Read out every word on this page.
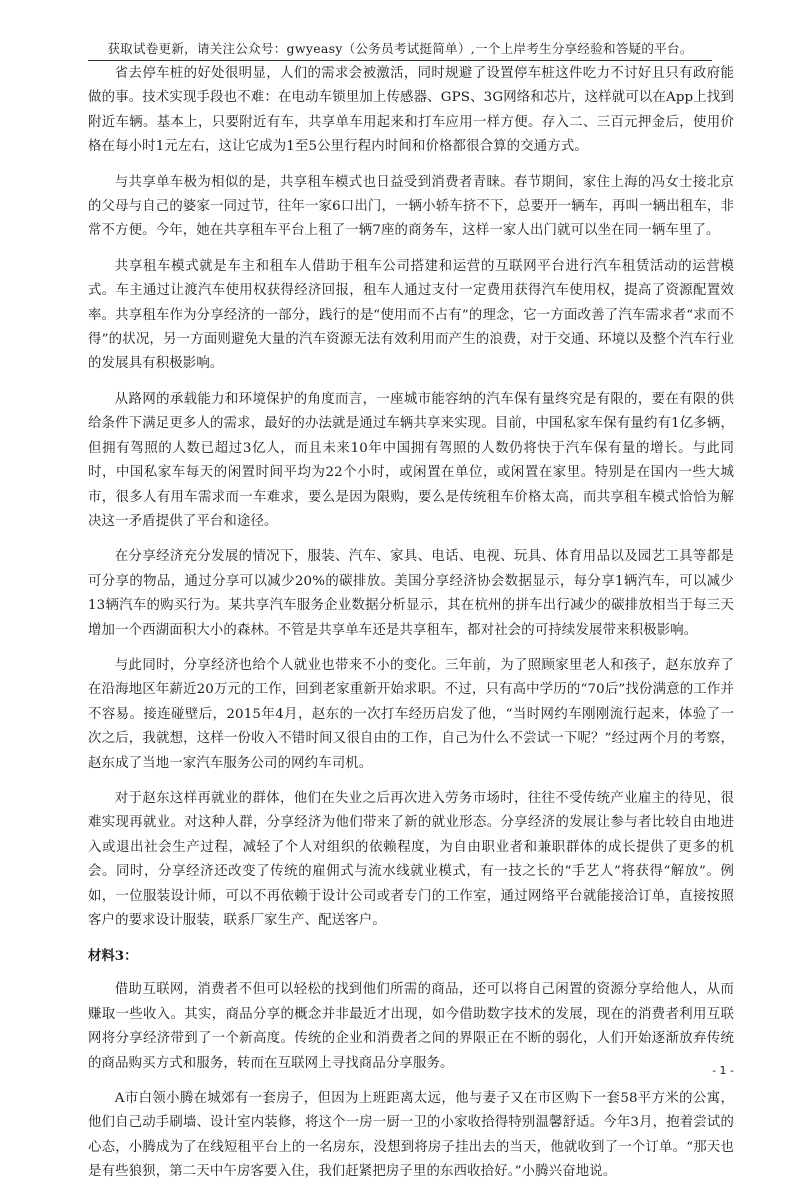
获取试卷更新，请关注公众号：gwyeasy（公务员考试挺简单）,一个上岸考生分享经验和答疑的平台。

省去停车桩的好处很明显，人们的需求会被激活，同时规避了设置停车桩这件吃力不讨好且只有政府能做的事。技术实现手段也不难：在电动车锁里加上传感器、GPS、3G网络和芯片，这样就可以在App上找到附近车辆。基本上，只要附近有车，共享单车用起来和打车应用一样方便。存入二、三百元押金后，使用价格在每小时1元左右，这让它成为1至5公里行程内时间和价格都很合算的交通方式。

与共享单车极为相似的是，共享租车模式也日益受到消费者青睐。春节期间，家住上海的冯女士接北京的父母与自己的婆家一同过节，往年一家6口出门，一辆小轿车挤不下，总要开一辆车，再叫一辆出租车，非常不方便。今年，她在共享租车平台上租了一辆7座的商务车，这样一家人出门就可以坐在同一辆车里了。

共享租车模式就是车主和租车人借助于租车公司搭建和运营的互联网平台进行汽车租赁活动的运营模式。车主通过让渡汽车使用权获得经济回报，租车人通过支付一定费用获得汽车使用权，提高了资源配置效率。共享租车作为分享经济的一部分，践行的是“使用而不占有”的理念，它一方面改善了汽车需求者“求而不得”的状况，另一方面则避免大量的汽车资源无法有效利用而产生的浪费，对于交通、环境以及整个汽车行业的发展具有积极影响。

从路网的承载能力和环境保护的角度而言，一座城市能容纳的汽车保有量终究是有限的，要在有限的供给条件下满足更多人的需求，最好的办法就是通过车辆共享来实现。目前，中国私家车保有量约有1亿多辆，但拥有驾照的人数已超过3亿人，而且未来10年中国拥有驾照的人数仍将快于汽车保有量的增长。与此同时，中国私家车每天的闲置时间平均为22个小时，或闲置在单位，或闲置在家里。特别是在国内一些大城市，很多人有用车需求而一车难求，要么是因为限购，要么是传统租车价格太高，而共享租车模式恰恰为解决这一矛盾提供了平台和途径。

在分享经济充分发展的情况下，服装、汽车、家具、电话、电视、玩具、体育用品以及园艺工具等都是可分享的物品，通过分享可以减少20%的碳排放。美国分享经济协会数据显示，每分享1辆汽车，可以减少13辆汽车的购买行为。某共享汽车服务企业数据分析显示，其在杭州的拼车出行减少的碳排放相当于每三天增加一个西湖面积大小的森林。不管是共享单车还是共享租车，都对社会的可持续发展带来积极影响。

与此同时，分享经济也给个人就业也带来不小的变化。三年前，为了照顾家里老人和孩子，赵东放弃了在沿海地区年薪近20万元的工作，回到老家重新开始求职。不过，只有高中学历的“70后”找份满意的工作并不容易。接连碰壁后，2015年4月，赵东的一次打车经历启发了他，“当时网约车刚刚流行起来，体验了一次之后，我就想，这样一份收入不错时间又很自由的工作，自己为什么不尝试一下呢？”经过两个月的考察，赵东成了当地一家汽车服务公司的网约车司机。

对于赵东这样再就业的群体，他们在失业之后再次进入劳务市场时，往往不受传统产业雇主的待见，很难实现再就业。对这种人群，分享经济为他们带来了新的就业形态。分享经济的发展让参与者比较自由地进入或退出社会生产过程，减轻了个人对组织的依赖程度，为自由职业者和兼职群体的成长提供了更多的机会。同时，分享经济还改变了传统的雇佣式与流水线就业模式，有一技之长的“手艺人”将获得“解放”。例如，一位服装设计师，可以不再依赖于设计公司或者专门的工作室，通过网络平台就能接洽订单，直接按照客户的要求设计服装，联系厂家生产、配送客户。

材料3：

借助互联网，消费者不但可以轻松的找到他们所需的商品，还可以将自己闲置的资源分享给他人，从而赚取一些收入。其实，商品分享的概念并非最近才出现，如今借助数字技术的发展，现在的消费者利用互联网将分享经济带到了一个新高度。传统的企业和消费者之间的界限正在不断的弱化，人们开始逐渐放弃传统的商品购买方式和服务，转而在互联网上寻找商品分享服务。

A市白领小腾在城郊有一套房子，但因为上班距离太远，他与妻子又在市区购下一套58平方米的公寓，他们自己动手刷墙、设计室内装修，将这个一房一厨一卫的小家收拾得特别温馨舒适。今年3月，抱着尝试的心态，小腾成为了在线短租平台上的一名房东，没想到将房子挂出去的当天，他就收到了一个订单。“那天也是有些狼狈，第二天中午房客要入住，我们赶紧把房子里的东西收拾好。”小腾兴奋地说。

- 1 -
